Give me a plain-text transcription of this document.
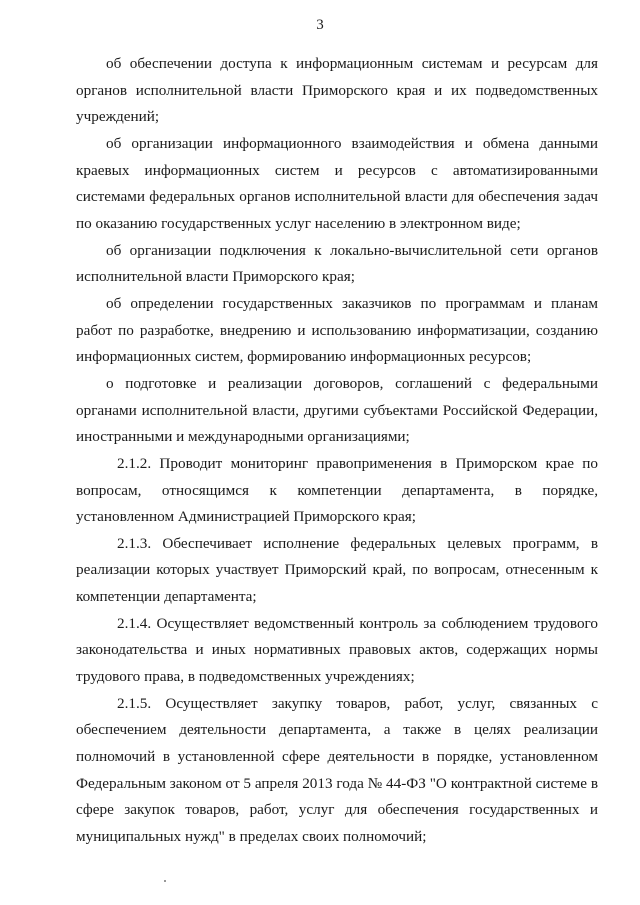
3

об обеспечении доступа к информационным системам и ресурсам для органов исполнительной власти Приморского края и их подведомственных учреждений;

об организации информационного взаимодействия и обмена данными краевых информационных систем и ресурсов с автоматизированными системами федеральных органов исполнительной власти для обеспечения задач по оказанию государственных услуг населению в электронном виде;

об организации подключения к локально-вычислительной сети органов исполнительной власти Приморского края;

об определении государственных заказчиков по программам и планам работ по разработке, внедрению и использованию информатизации, созданию информационных систем, формированию информационных ресурсов;

о подготовке и реализации договоров, соглашений с федеральными органами исполнительной власти, другими субъектами Российской Федерации, иностранными и международными организациями;

2.1.2. Проводит мониторинг правоприменения в Приморском крае по вопросам, относящимся к компетенции департамента, в порядке, установленном Администрацией Приморского края;

2.1.3. Обеспечивает исполнение федеральных целевых программ, в реализации которых участвует Приморский край, по вопросам, отнесенным к компетенции департамента;

2.1.4. Осуществляет ведомственный контроль за соблюдением трудового законодательства и иных нормативных правовых актов, содержащих нормы трудового права, в подведомственных учреждениях;

2.1.5. Осуществляет закупку товаров, работ, услуг, связанных с обеспечением деятельности департамента, а также в целях реализации полномочий в установленной сфере деятельности в порядке, установленном Федеральным законом от 5 апреля 2013 года № 44-ФЗ "О контрактной системе в сфере закупок товаров, работ, услуг для обеспечения государственных и муниципальных нужд" в пределах своих полномочий;
